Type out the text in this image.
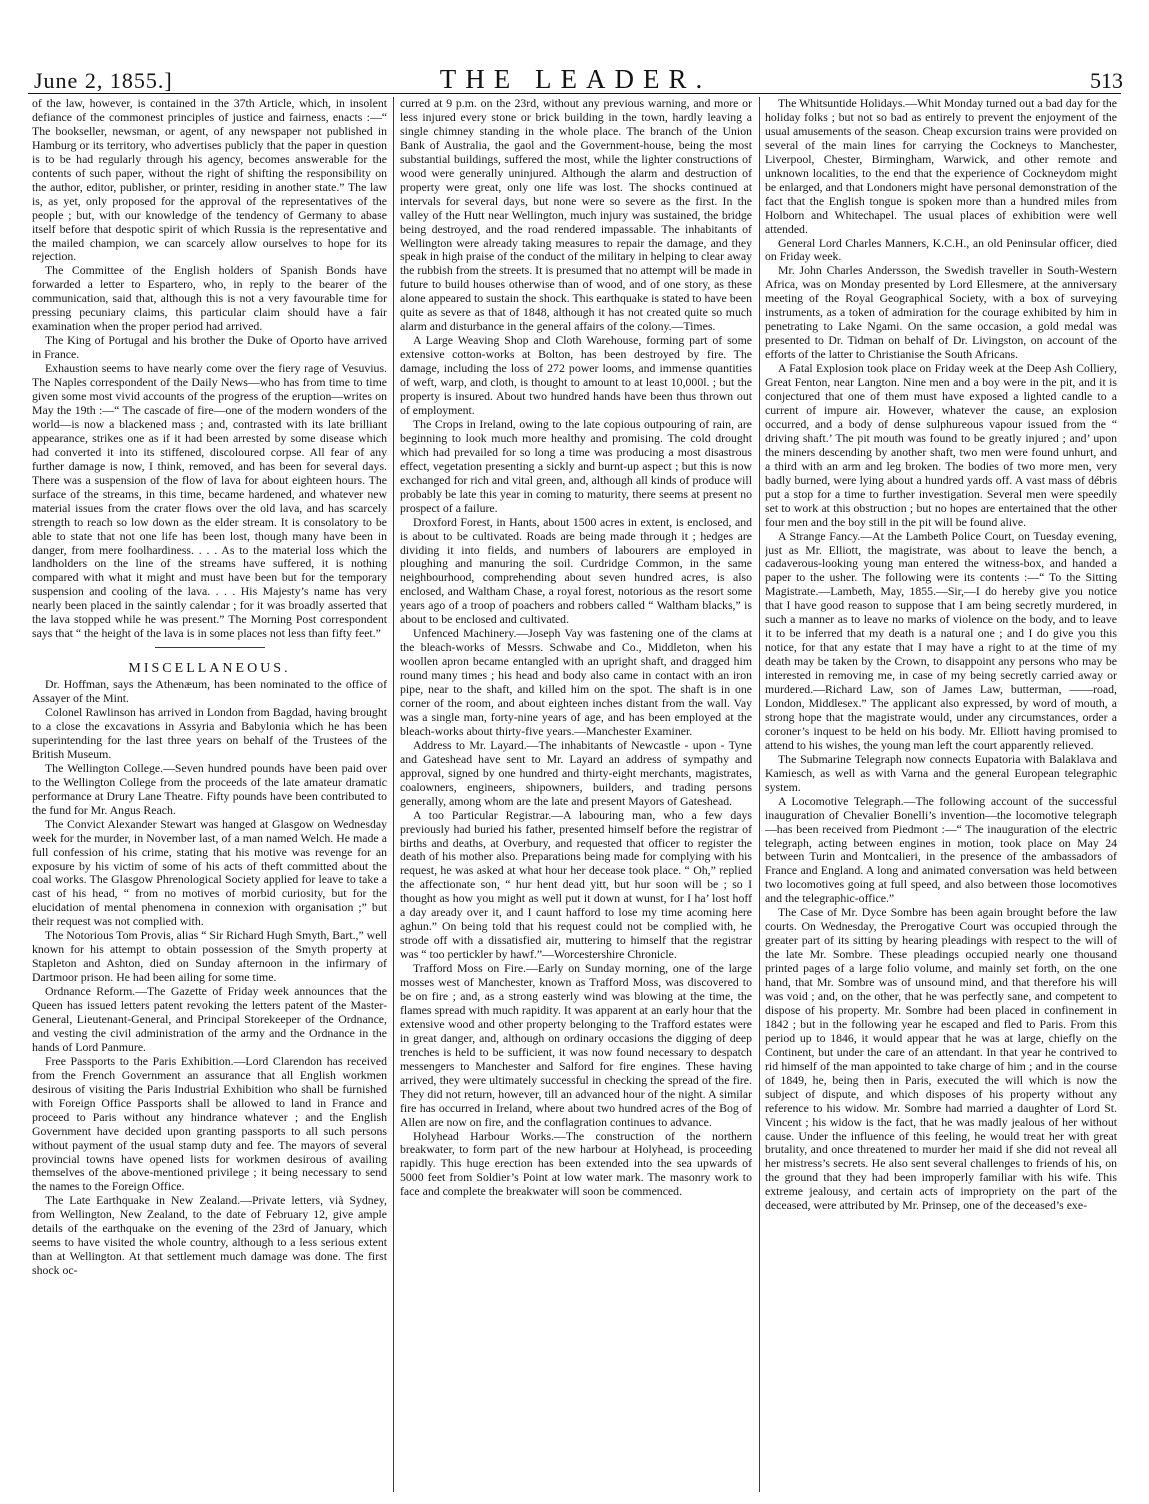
June 2, 1855.]	THE LEADER.	513

of the law, however, is contained in the 37th Article, which, in insolent defiance of the commonest principles of justice and fairness, enacts :—“ The bookseller, newsman, or agent, of any newspaper not published in Hamburg or its territory, who advertises publicly that the paper in question is to be had regularly through his agency, becomes answerable for the contents of such paper, without the right of shifting the responsibility on the author, editor, publisher, or printer, residing in another state.” The law is, as yet, only proposed for the approval of the representatives of the people ; but, with our knowledge of the tendency of Germany to abase itself before that despotic spirit of which Russia is the representative and the mailed champion, we can scarcely allow ourselves to hope for its rejection.

The Committee of the English holders of Spanish Bonds have forwarded a letter to Espartero, who, in reply to the bearer of the communication, said that, although this is not a very favourable time for pressing pecuniary claims, this particular claim should have a fair examination when the proper period had arrived.

The King of Portugal and his brother the Duke of Oporto have arrived in France.

Exhaustion seems to have nearly come over the fiery rage of Vesuvius. The Naples correspondent of the Daily News—who has from time to time given some most vivid accounts of the progress of the eruption—writes on May the 19th :—“ The cascade of fire—one of the modern wonders of the world—is now a blackened mass ; and, contrasted with its late brilliant appearance, strikes one as if it had been arrested by some disease which had converted it into its stiffened, discoloured corpse. All fear of any further damage is now, I think, removed, and has been for several days. There was a suspension of the flow of lava for about eighteen hours. The surface of the streams, in this time, became hardened, and whatever new material issues from the crater flows over the old lava, and has scarcely strength to reach so low down as the elder stream. It is consolatory to be able to state that not one life has been lost, though many have been in danger, from mere foolhardiness. . . . As to the material loss which the landholders on the line of the streams have suffered, it is nothing compared with what it might and must have been but for the temporary suspension and cooling of the lava. . . . His Majesty’s name has very nearly been placed in the saintly calendar ; for it was broadly asserted that the lava stopped while he was present.” The Morning Post correspondent says that “ the height of the lava is in some places not less than fifty feet.”

MISCELLANEOUS.

Dr. Hoffman, says the Athenæum, has been nominated to the office of Assayer of the Mint.

Colonel Rawlinson has arrived in London from Bagdad, having brought to a close the excavations in Assyria and Babylonia which he has been superintending for the last three years on behalf of the Trustees of the British Museum.

The Wellington College.—Seven hundred pounds have been paid over to the Wellington College from the proceeds of the late amateur dramatic performance at Drury Lane Theatre. Fifty pounds have been contributed to the fund for Mr. Angus Reach.

The Convict Alexander Stewart was hanged at Glasgow on Wednesday week for the murder, in November last, of a man named Welch. He made a full confession of his crime, stating that his motive was revenge for an exposure by his victim of some of his acts of theft committed about the coal works. The Glasgow Phrenological Society applied for leave to take a cast of his head, “ from no motives of morbid curiosity, but for the elucidation of mental phenomena in connexion with organisation ;” but their request was not complied with.

The Notorious Tom Provis, alias “ Sir Richard Hugh Smyth, Bart.,” well known for his attempt to obtain possession of the Smyth property at Stapleton and Ashton, died on Sunday afternoon in the infirmary of Dartmoor prison. He had been ailing for some time.

Ordnance Reform.—The Gazette of Friday week announces that the Queen has issued letters patent revoking the letters patent of the Master-General, Lieutenant-General, and Principal Storekeeper of the Ordnance, and vesting the civil administration of the army and the Ordnance in the hands of Lord Panmure.

Free Passports to the Paris Exhibition.—Lord Clarendon has received from the French Government an assurance that all English workmen desirous of visiting the Paris Industrial Exhibition who shall be furnished with Foreign Office Passports shall be allowed to land in France and proceed to Paris without any hindrance whatever ; and the English Government have decided upon granting passports to all such persons without payment of the usual stamp duty and fee. The mayors of several provincial towns have opened lists for workmen desirous of availing themselves of the above-mentioned privilege ; it being necessary to send the names to the Foreign Office.

The Late Earthquake in New Zealand.—Private letters, vià Sydney, from Wellington, New Zealand, to the date of February 12, give ample details of the earthquake on the evening of the 23rd of January, which seems to have visited the whole country, although to a less serious extent than at Wellington. At that settlement much damage was done. The first shock oc-

curred at 9 p.m. on the 23rd, without any previous warning, and more or less injured every stone or brick building in the town, hardly leaving a single chimney standing in the whole place. The branch of the Union Bank of Australia, the gaol and the Government-house, being the most substantial buildings, suffered the most, while the lighter constructions of wood were generally uninjured. Although the alarm and destruction of property were great, only one life was lost. The shocks continued at intervals for several days, but none were so severe as the first. In the valley of the Hutt near Wellington, much injury was sustained, the bridge being destroyed, and the road rendered impassable. The inhabitants of Wellington were already taking measures to repair the damage, and they speak in high praise of the conduct of the military in helping to clear away the rubbish from the streets. It is presumed that no attempt will be made in future to build houses otherwise than of wood, and of one story, as these alone appeared to sustain the shock. This earthquake is stated to have been quite as severe as that of 1848, although it has not created quite so much alarm and disturbance in the general affairs of the colony.—Times.

A Large Weaving Shop and Cloth Warehouse, forming part of some extensive cotton-works at Bolton, has been destroyed by fire. The damage, including the loss of 272 power looms, and immense quantities of weft, warp, and cloth, is thought to amount to at least 10,000l. ; but the property is insured. About two hundred hands have been thus thrown out of employment.

The Crops in Ireland, owing to the late copious outpouring of rain, are beginning to look much more healthy and promising. The cold drought which had prevailed for so long a time was producing a most disastrous effect, vegetation presenting a sickly and burnt-up aspect ; but this is now exchanged for rich and vital green, and, although all kinds of produce will probably be late this year in coming to maturity, there seems at present no prospect of a failure.

Droxford Forest, in Hants, about 1500 acres in extent, is enclosed, and is about to be cultivated. Roads are being made through it ; hedges are dividing it into fields, and numbers of labourers are employed in ploughing and manuring the soil. Curdridge Common, in the same neighbourhood, comprehending about seven hundred acres, is also enclosed, and Waltham Chase, a royal forest, notorious as the resort some years ago of a troop of poachers and robbers called “ Waltham blacks,” is about to be enclosed and cultivated.

Unfenced Machinery.—Joseph Vay was fastening one of the clams at the bleach-works of Messrs. Schwabe and Co., Middleton, when his woollen apron became entangled with an upright shaft, and dragged him round many times ; his head and body also came in contact with an iron pipe, near to the shaft, and killed him on the spot. The shaft is in one corner of the room, and about eighteen inches distant from the wall. Vay was a single man, forty-nine years of age, and has been employed at the bleach-works about thirty-five years.—Manchester Examiner.

Address to Mr. Layard.—The inhabitants of Newcastle - upon - Tyne and Gateshead have sent to Mr. Layard an address of sympathy and approval, signed by one hundred and thirty-eight merchants, magistrates, coalowners, engineers, shipowners, builders, and trading persons generally, among whom are the late and present Mayors of Gateshead.

A too Particular Registrar.—A labouring man, who a few days previously had buried his father, presented himself before the registrar of births and deaths, at Overbury, and requested that officer to register the death of his mother also. Preparations being made for complying with his request, he was asked at what hour her decease took place. “ Oh,” replied the affectionate son, “ hur hent dead yitt, but hur soon will be ; so I thought as how you might as well put it down at wunst, for I ha’ lost hoff a day aready over it, and I caunt hafford to lose my time acoming here aghun.” On being told that his request could not be complied with, he strode off with a dissatisfied air, muttering to himself that the registrar was “ too pertickler by hawf.”—Worcestershire Chronicle.

Trafford Moss on Fire.—Early on Sunday morning, one of the large mosses west of Manchester, known as Trafford Moss, was discovered to be on fire ; and, as a strong easterly wind was blowing at the time, the flames spread with much rapidity. It was apparent at an early hour that the extensive wood and other property belonging to the Trafford estates were in great danger, and, although on ordinary occasions the digging of deep trenches is held to be sufficient, it was now found necessary to despatch messengers to Manchester and Salford for fire engines. These having arrived, they were ultimately successful in checking the spread of the fire. They did not return, however, till an advanced hour of the night. A similar fire has occurred in Ireland, where about two hundred acres of the Bog of Allen are now on fire, and the conflagration continues to advance.

Holyhead Harbour Works.—The construction of the northern breakwater, to form part of the new harbour at Holyhead, is proceeding rapidly. This huge erection has been extended into the sea upwards of 5000 feet from Soldier’s Point at low water mark. The masonry work to face and complete the breakwater will soon be commenced.

The Whitsuntide Holidays.—Whit Monday turned out a bad day for the holiday folks ; but not so bad as entirely to prevent the enjoyment of the usual amusements of the season. Cheap excursion trains were provided on several of the main lines for carrying the Cockneys to Manchester, Liverpool, Chester, Birmingham, Warwick, and other remote and unknown localities, to the end that the experience of Cockneydom might be enlarged, and that Londoners might have personal demonstration of the fact that the English tongue is spoken more than a hundred miles from Holborn and Whitechapel. The usual places of exhibition were well attended.

General Lord Charles Manners, K.C.H., an old Peninsular officer, died on Friday week.

Mr. John Charles Andersson, the Swedish traveller in South-Western Africa, was on Monday presented by Lord Ellesmere, at the anniversary meeting of the Royal Geographical Society, with a box of surveying instruments, as a token of admiration for the courage exhibited by him in penetrating to Lake Ngami. On the same occasion, a gold medal was presented to Dr. Tidman on behalf of Dr. Livingston, on account of the efforts of the latter to Christianise the South Africans.

A Fatal Explosion took place on Friday week at the Deep Ash Colliery, Great Fenton, near Langton. Nine men and a boy were in the pit, and it is conjectured that one of them must have exposed a lighted candle to a current of impure air. However, whatever the cause, an explosion occurred, and a body of dense sulphureous vapour issued from the “ driving shaft.’ The pit mouth was found to be greatly injured ; and’ upon the miners descending by another shaft, two men were found unhurt, and a third with an arm and leg broken. The bodies of two more men, very badly burned, were lying about a hundred yards off. A vast mass of débris put a stop for a time to further investigation. Several men were speedily set to work at this obstruction ; but no hopes are entertained that the other four men and the boy still in the pit will be found alive.

A Strange Fancy.—At the Lambeth Police Court, on Tuesday evening, just as Mr. Elliott, the magistrate, was about to leave the bench, a cadaverous-looking young man entered the witness-box, and handed a paper to the usher. The following were its contents :—“ To the Sitting Magistrate.—Lambeth, May, 1855.—Sir,—I do hereby give you notice that I have good reason to suppose that I am being secretly murdered, in such a manner as to leave no marks of violence on the body, and to leave it to be inferred that my death is a natural one ; and I do give you this notice, for that any estate that I may have a right to at the time of my death may be taken by the Crown, to disappoint any persons who may be interested in removing me, in case of my being secretly carried away or murdered.—Richard Law, son of James Law, butterman, ——road, London, Middlesex.” The applicant also expressed, by word of mouth, a strong hope that the magistrate would, under any circumstances, order a coroner’s inquest to be held on his body. Mr. Elliott having promised to attend to his wishes, the young man left the court apparently relieved.

The Submarine Telegraph now connects Eupatoria with Balaklava and Kamiesch, as well as with Varna and the general European telegraphic system.

A Locomotive Telegraph.—The following account of the successful inauguration of Chevalier Bonelli’s invention—the locomotive telegraph—has been received from Piedmont :—“ The inauguration of the electric telegraph, acting between engines in motion, took place on May 24 between Turin and Montcalieri, in the presence of the ambassadors of France and England. A long and animated conversation was held between two locomotives going at full speed, and also between those locomotives and the telegraphic-office.”

The Case of Mr. Dyce Sombre has been again brought before the law courts. On Wednesday, the Prerogative Court was occupied through the greater part of its sitting by hearing pleadings with respect to the will of the late Mr. Sombre. These pleadings occupied nearly one thousand printed pages of a large folio volume, and mainly set forth, on the one hand, that Mr. Sombre was of unsound mind, and that therefore his will was void ; and, on the other, that he was perfectly sane, and competent to dispose of his property. Mr. Sombre had been placed in confinement in 1842 ; but in the following year he escaped and fled to Paris. From this period up to 1846, it would appear that he was at large, chiefly on the Continent, but under the care of an attendant. In that year he contrived to rid himself of the man appointed to take charge of him ; and in the course of 1849, he, being then in Paris, executed the will which is now the subject of dispute, and which disposes of his property without any reference to his widow. Mr. Sombre had married a daughter of Lord St. Vincent ; his widow is the fact, that he was madly jealous of her without cause. Under the influence of this feeling, he would treat her with great brutality, and once threatened to murder her maid if she did not reveal all her mistress’s secrets. He also sent several challenges to friends of his, on the ground that they had been improperly familiar with his wife. This extreme jealousy, and certain acts of impropriety on the part of the deceased, were attributed by Mr. Prinsep, one of the deceased’s exe-
